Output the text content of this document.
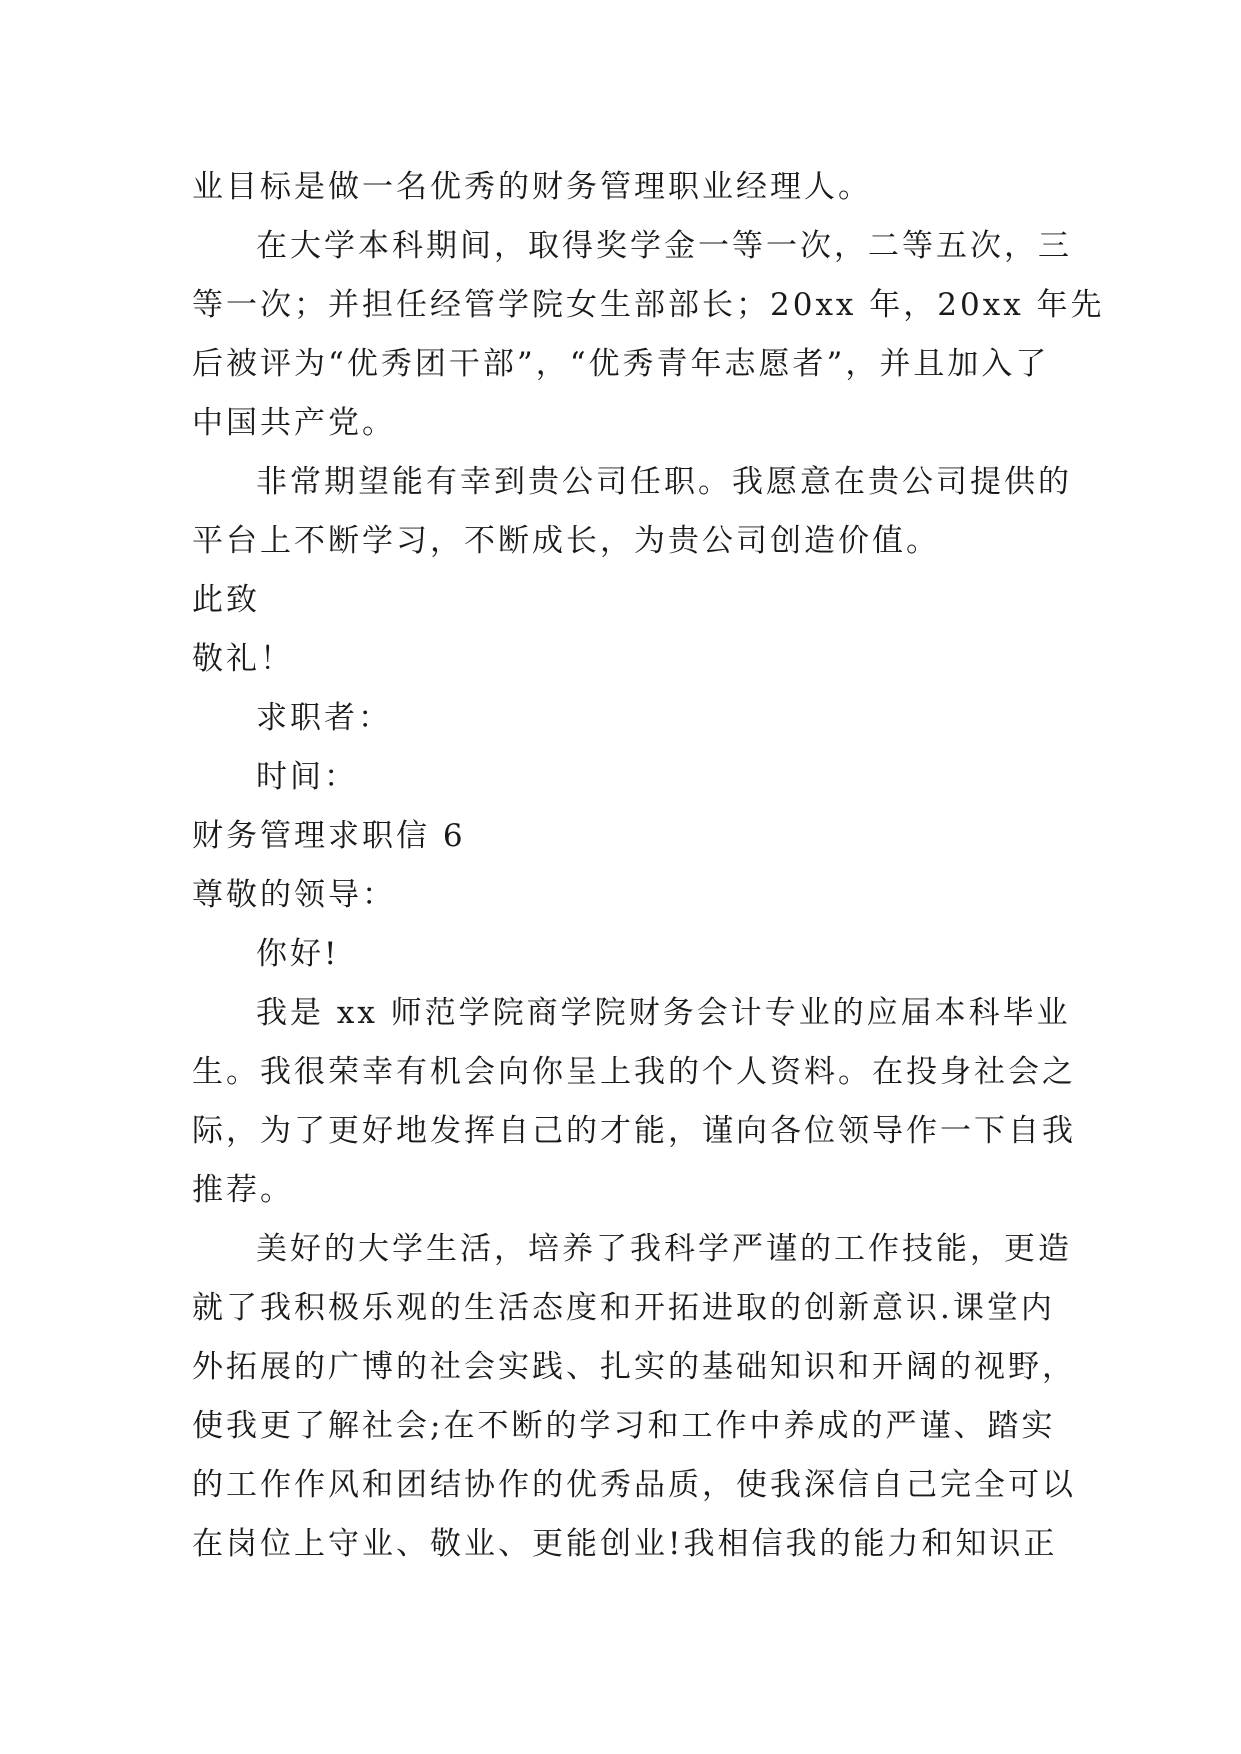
业目标是做一名优秀的财务管理职业经理人。
在大学本科期间，取得奖学金一等一次，二等五次，三
等一次；并担任经管学院女生部部长；20xx 年，20xx 年先
后被评为“优秀团干部”，“优秀青年志愿者”，并且加入了
中国共产党。
非常期望能有幸到贵公司任职。我愿意在贵公司提供的
平台上不断学习，不断成长，为贵公司创造价值。
此致
敬礼！
求职者：
时间：
财务管理求职信 6
尊敬的领导：
你好!
我是 xx 师范学院商学院财务会计专业的应届本科毕业
生。我很荣幸有机会向你呈上我的个人资料。在投身社会之
际，为了更好地发挥自己的才能，谨向各位领导作一下自我
推荐。
美好的大学生活，培养了我科学严谨的工作技能，更造
就了我积极乐观的生活态度和开拓进取的创新意识.课堂内
外拓展的广博的社会实践、扎实的基础知识和开阔的视野，
使我更了解社会;在不断的学习和工作中养成的严谨、踏实
的工作作风和团结协作的优秀品质，使我深信自己完全可以
在岗位上守业、敬业、更能创业!我相信我的能力和知识正
